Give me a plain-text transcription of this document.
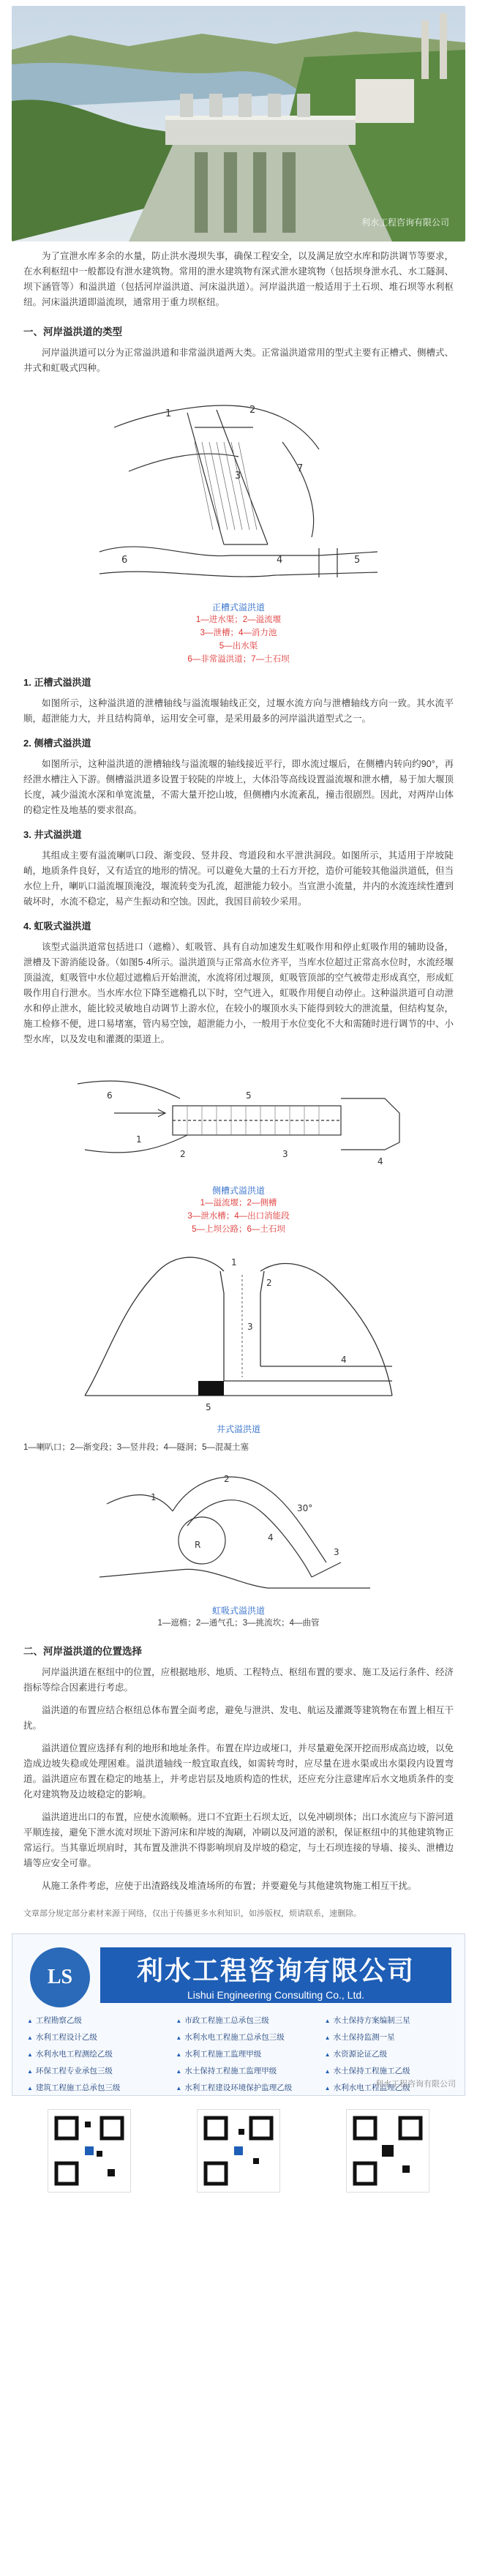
利水工程咨询有限公司

为了宣泄水库多余的水量，防止洪水漫坝失事，确保工程安全，以及满足放空水库和防洪调节等要求，在水利枢纽中一般都设有泄水建筑物。常用的泄水建筑物有深式泄水建筑物（包括坝身泄水孔、水工隧洞、坝下涵管等）和溢洪道（包括河岸溢洪道、河床溢洪道）。河岸溢洪道一般适用于土石坝、堆石坝等水利枢纽。河床溢洪道即溢流坝，通常用于重力坝枢纽。

一、河岸溢洪道的类型

河岸溢洪道可以分为正常溢洪道和非常溢洪道两大类。正常溢洪道常用的型式主要有正槽式、侧槽式、井式和虹吸式四种。

1	2
3
4	5
6
7
正槽式溢洪道
1—进水渠；2—溢流堰
3—泄槽；4—消力池
5—出水渠
6—非常溢洪道；7—土石坝
1. 正槽式溢洪道

如图所示，这种溢洪道的泄槽轴线与溢流堰轴线正交，过堰水流方向与泄槽轴线方向一致。其水流平顺，超泄能力大，并且结构简单，运用安全可靠，是采用最多的河岸溢洪道型式之一。

2. 侧槽式溢洪道

如图所示，这种溢洪道的泄槽轴线与溢流堰的轴线接近平行，即水流过堰后，在侧槽内转向约90°，再经泄水槽注入下游。侧槽溢洪道多设置于较陡的岸坡上，大体沿等高线设置溢流堰和泄水槽，易于加大堰顶长度，减少溢流水深和单宽流量，不需大量开挖山坡，但侧槽内水流紊乱，撞击很剧烈。因此，对两岸山体的稳定性及地基的要求很高。

3. 井式溢洪道

其组成主要有溢流喇叭口段、渐变段、竖井段、弯道段和水平泄洪洞段。如图所示，其适用于岸坡陡峭，地质条件良好，又有适宜的地形的情况。可以避免大量的土石方开挖，造价可能较其他溢洪道低，但当水位上升，喇叭口溢流堰顶淹没，堰流转变为孔流，超泄能力较小。当宣泄小流量，井内的水流连续性遭到破坏时，水流不稳定，易产生振动和空蚀。因此，我国目前较少采用。

4. 虹吸式溢洪道

该型式溢洪道常包括进口（遮檐）、虹吸管、具有自动加速发生虹吸作用和停止虹吸作用的辅助设备，泄槽及下游消能设备。（如图5·4所示。溢洪道顶与正常高水位齐平，当库水位超过正常高水位时，水流经堰顶溢流，虹吸管中水位超过遮檐后开始泄流，水流将闭过堰顶，虹吸管顶部的空气被带走形成真空，形成虹吸作用自行泄水。当水库水位下降至遮檐孔以下时，空气进入，虹吸作用便自动停止。这种溢洪道可自动泄水和停止泄水，能比较灵敏地自动调节上游水位，在较小的堰顶水头下能得到较大的泄流量，但结构复杂，施工检修不便，进口易堵塞，管内易空蚀，超泄能力小，一般用于水位变化不大和需随时进行调节的中、小型水库，以及发电和灌溉的渠道上。

6
1
2
5
3
4
侧槽式溢洪道
1—溢流堰；2—侧槽
3—泄水槽；4—出口消能段
5—上坝公路；6—土石坝
1
2
3
4
5
井式溢洪道
1—喇叭口；2—渐变段；3—竖井段；4—隧洞；5—混凝土塞
1
2
3
4
30°
R
虹吸式溢洪道
1—遮檐；2—通气孔；3—挑流坎；4—曲管
二、河岸溢洪道的位置选择

河岸溢洪道在枢纽中的位置，应根据地形、地质、工程特点、枢纽布置的要求、施工及运行条件、经济指标等综合因素进行考虑。

溢洪道的布置应结合枢纽总体布置全面考虑，避免与泄洪、发电、航运及灌溉等建筑物在布置上相互干扰。

溢洪道位置应选择有利的地形和地址条件。布置在岸边或垭口，并尽量避免深开挖而形成高边坡，以免造成边坡失稳或处理困难。溢洪道轴线一般宜取直线，如需转弯时，应尽量在进水渠或出水渠段内设置弯道。溢洪道应布置在稳定的地基上，并考虑岩层及地质构造的性状，还应充分注意建库后水文地质条件的变化对建筑物及边坡稳定的影响。

溢洪道进出口的布置，应使水流顺畅。进口不宜距土石坝太近，以免冲刷坝体；出口水流应与下游河道平顺连接，避免下泄水流对坝址下游河床和岸坡的淘刷，冲刷以及河道的淤积，保证枢纽中的其他建筑物正常运行。当其靠近坝肩时，其布置及泄洪不得影响坝肩及岸坡的稳定，与土石坝连接的导墙、接头、泄槽边墙等应安全可靠。

从施工条件考虑，应使于出渣路线及堆渣场所的布置；并要避免与其他建筑物施工相互干扰。

文章部分规定部分素材来源于网络，仅出于传播更多水利知识，如涉版权，烦请联系，速删除。
LS	利水工程咨询有限公司
Lishui Engineering Consulting Co., Ltd.
▲ 工程勘察乙级	▲ 市政工程施工总承包三级	▲ 水土保持方案编制三星
▲ 水利工程设计乙级	▲ 水利水电工程施工总承包三级	▲ 水土保持监测一星
▲ 水利水电工程测绘乙级	▲ 水利工程施工监理甲级	▲ 水资源论证乙级
▲ 环保工程专业承包三级	▲ 水土保持工程施工监理甲级	▲ 水土保持工程施工乙级
▲ 建筑工程施工总承包三级	▲ 水利工程建设环境保护监理乙级	▲ 水利水电工程监理乙级
利水工程咨询有限公司
